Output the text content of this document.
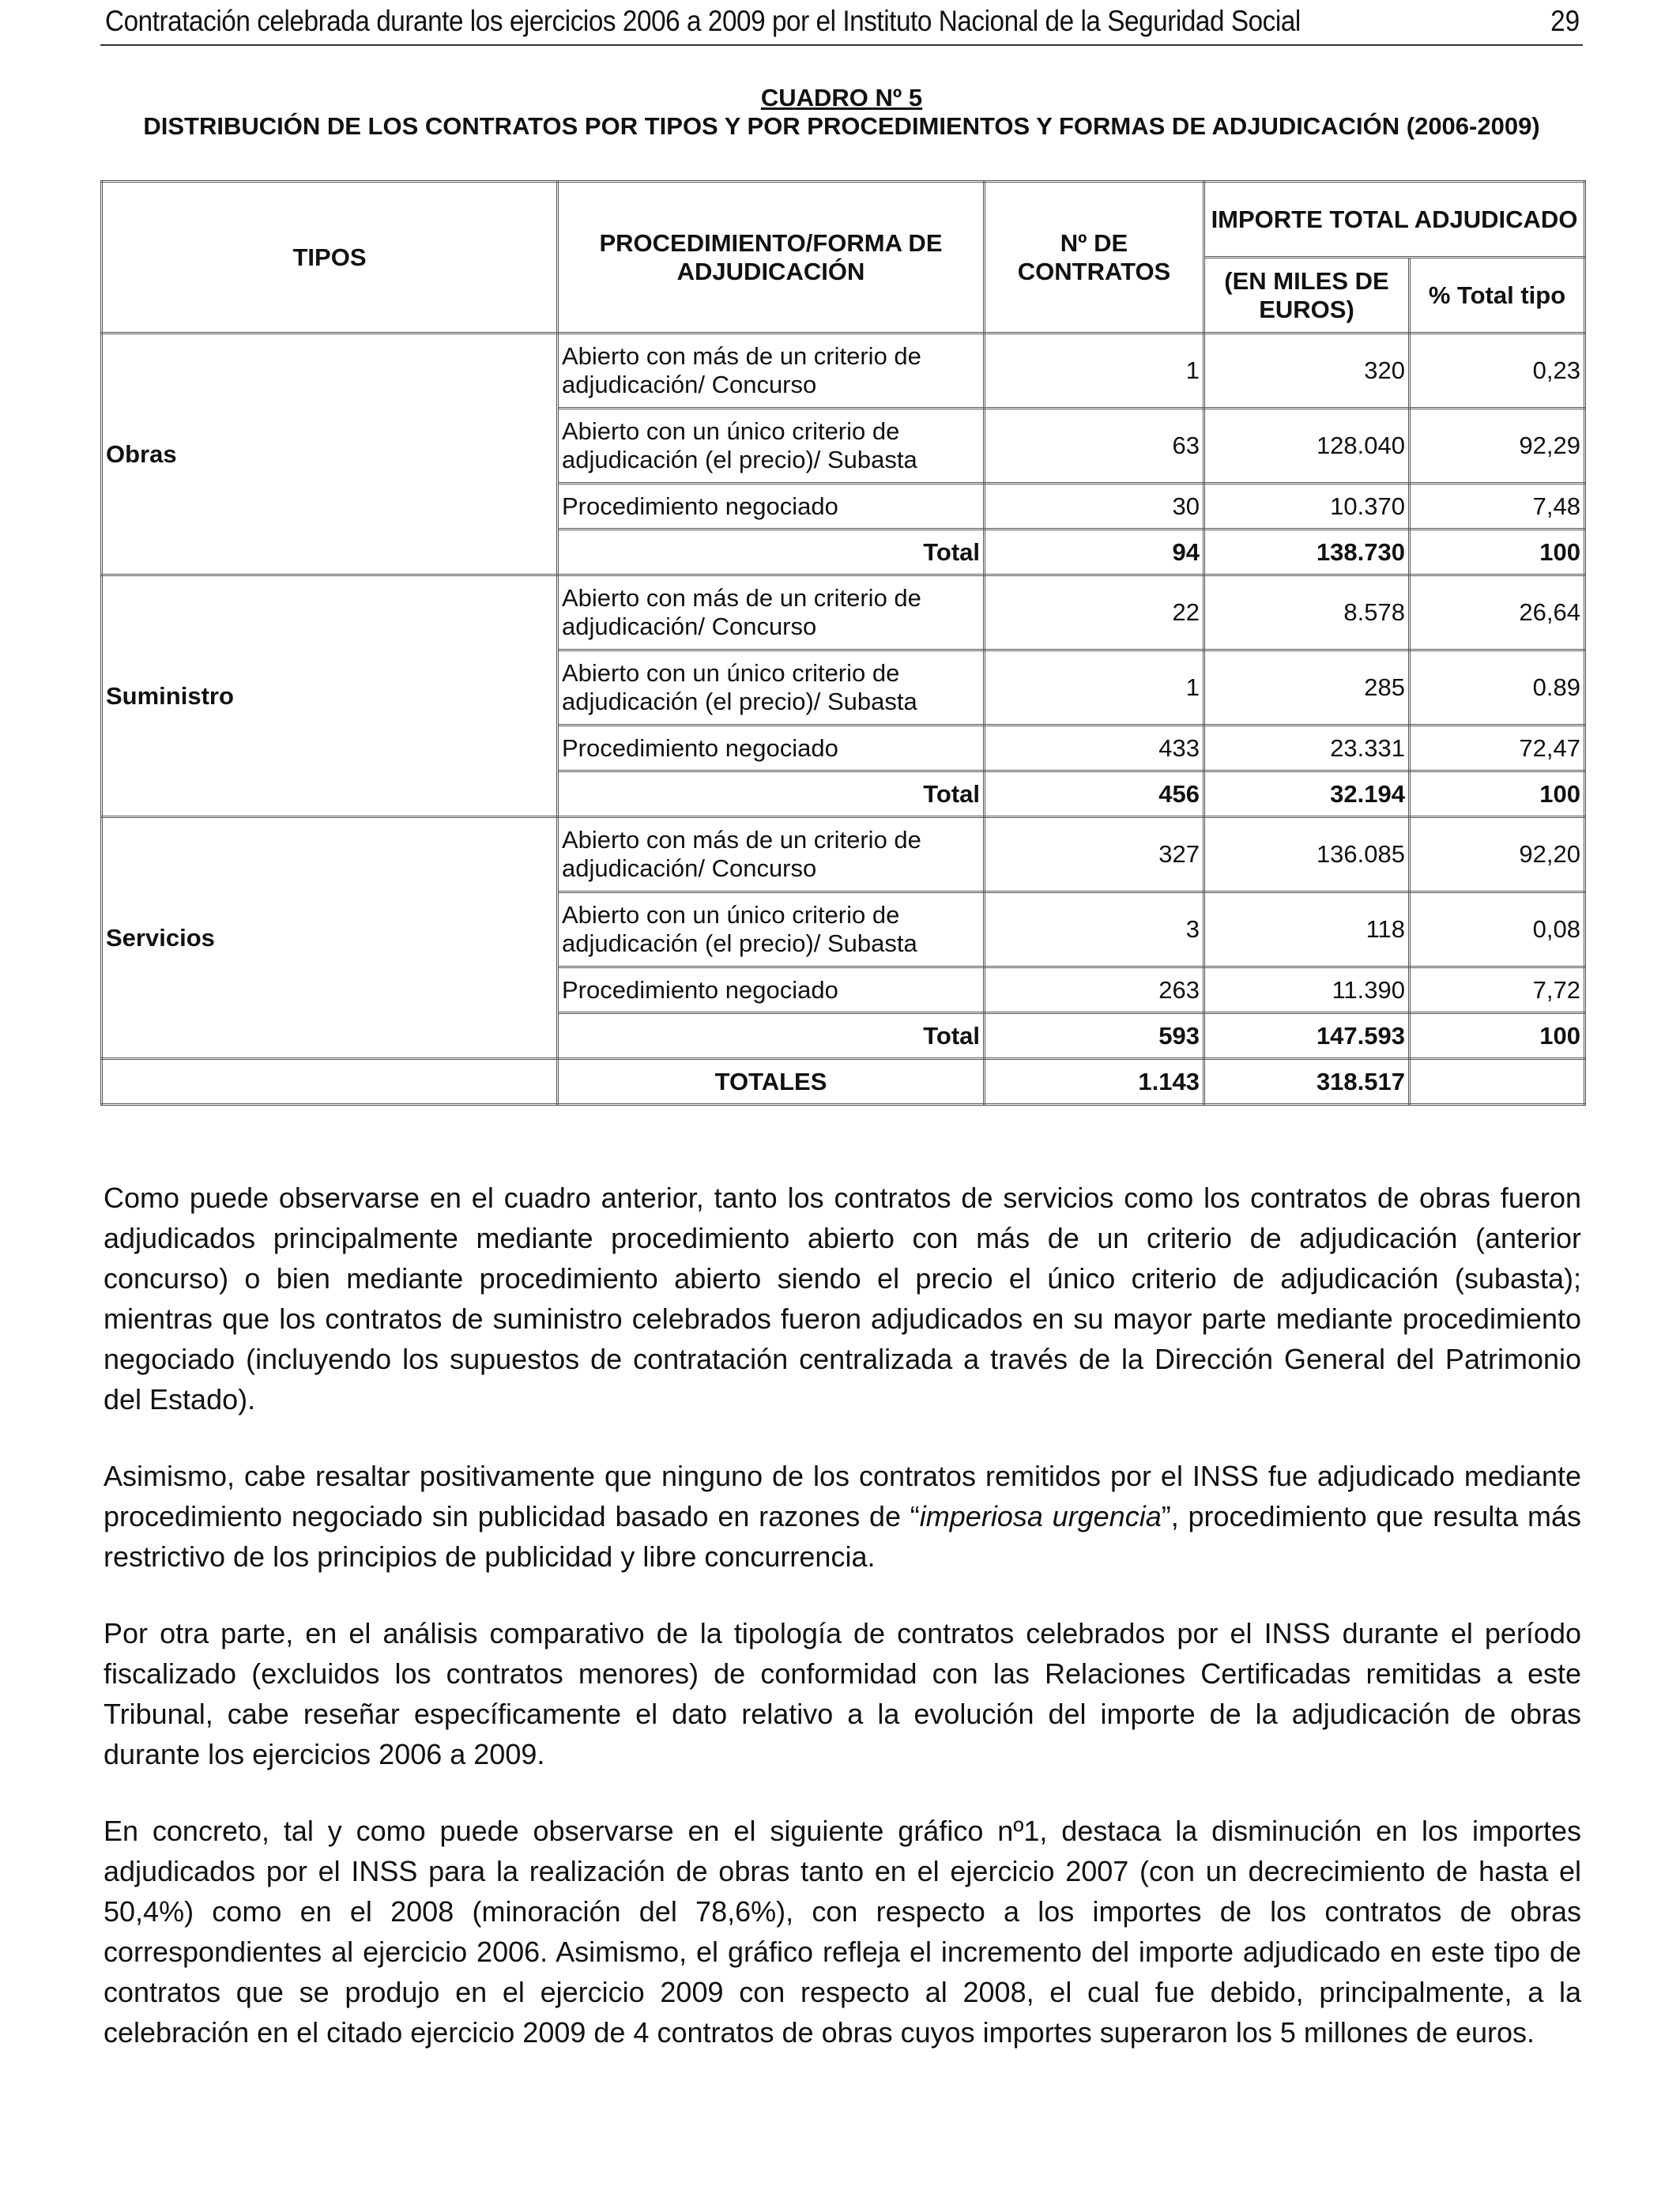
Contratación celebrada durante los ejercicios 2006 a 2009 por el Instituto Nacional de la Seguridad Social	29
CUADRO Nº 5
DISTRIBUCIÓN DE LOS CONTRATOS POR TIPOS Y POR PROCEDIMIENTOS Y FORMAS DE ADJUDICACIÓN (2006-2009)
TIPOS	PROCEDIMIENTO/FORMA DE ADJUDICACIÓN	Nº DE CONTRATOS	IMPORTE TOTAL ADJUDICADO	
			(EN MILES DE EUROS)	% Total tipo
Obras	Abierto con más de un criterio de adjudicación/ Concurso	1	320	0,23
	Abierto con un único criterio de adjudicación (el precio)/ Subasta	63	128.040	92,29
	Procedimiento negociado	30	10.370	7,48
	Total	94	138.730	100
Suministro	Abierto con más de un criterio de adjudicación/ Concurso	22	8.578	26,64
	Abierto con un único criterio de adjudicación (el precio)/ Subasta	1	285	0.89
	Procedimiento negociado	433	23.331	72,47
	Total	456	32.194	100
Servicios	Abierto con más de un criterio de adjudicación/ Concurso	327	136.085	92,20
	Abierto con un único criterio de adjudicación (el precio)/ Subasta	3	118	0,08
	Procedimiento negociado	263	11.390	7,72
	Total	593	147.593	100
	TOTALES	1.143	318.517	

Como puede observarse en el cuadro anterior, tanto los contratos de servicios como los contratos de obras fueron adjudicados principalmente mediante procedimiento abierto con más de un criterio de adjudicación (anterior concurso) o bien mediante procedimiento abierto siendo el precio el único criterio de adjudicación (subasta); mientras que los contratos de suministro celebrados fueron adjudicados en su mayor parte mediante procedimiento negociado (incluyendo los supuestos de contratación centralizada a través de la Dirección General del Patrimonio del Estado).

Asimismo, cabe resaltar positivamente que ninguno de los contratos remitidos por el INSS fue adjudicado mediante procedimiento negociado sin publicidad basado en razones de “imperiosa urgencia”, procedimiento que resulta más restrictivo de los principios de publicidad y libre concurrencia.

Por otra parte, en el análisis comparativo de la tipología de contratos celebrados por el INSS durante el período fiscalizado (excluidos los contratos menores) de conformidad con las Relaciones Certificadas remitidas a este Tribunal, cabe reseñar específicamente el dato relativo a la evolución del importe de la adjudicación de obras durante los ejercicios 2006 a 2009.

En concreto, tal y como puede observarse en el siguiente gráfico nº1, destaca la disminución en los importes adjudicados por el INSS para la realización de obras tanto en el ejercicio 2007 (con un decrecimiento de hasta el 50,4%) como en el 2008 (minoración del 78,6%), con respecto a los importes de los contratos de obras correspondientes al ejercicio 2006. Asimismo, el gráfico refleja el incremento del importe adjudicado en este tipo de contratos que se produjo en el ejercicio 2009 con respecto al 2008, el cual fue debido, principalmente, a la celebración en el citado ejercicio 2009 de 4 contratos de obras cuyos importes superaron los 5 millones de euros.
